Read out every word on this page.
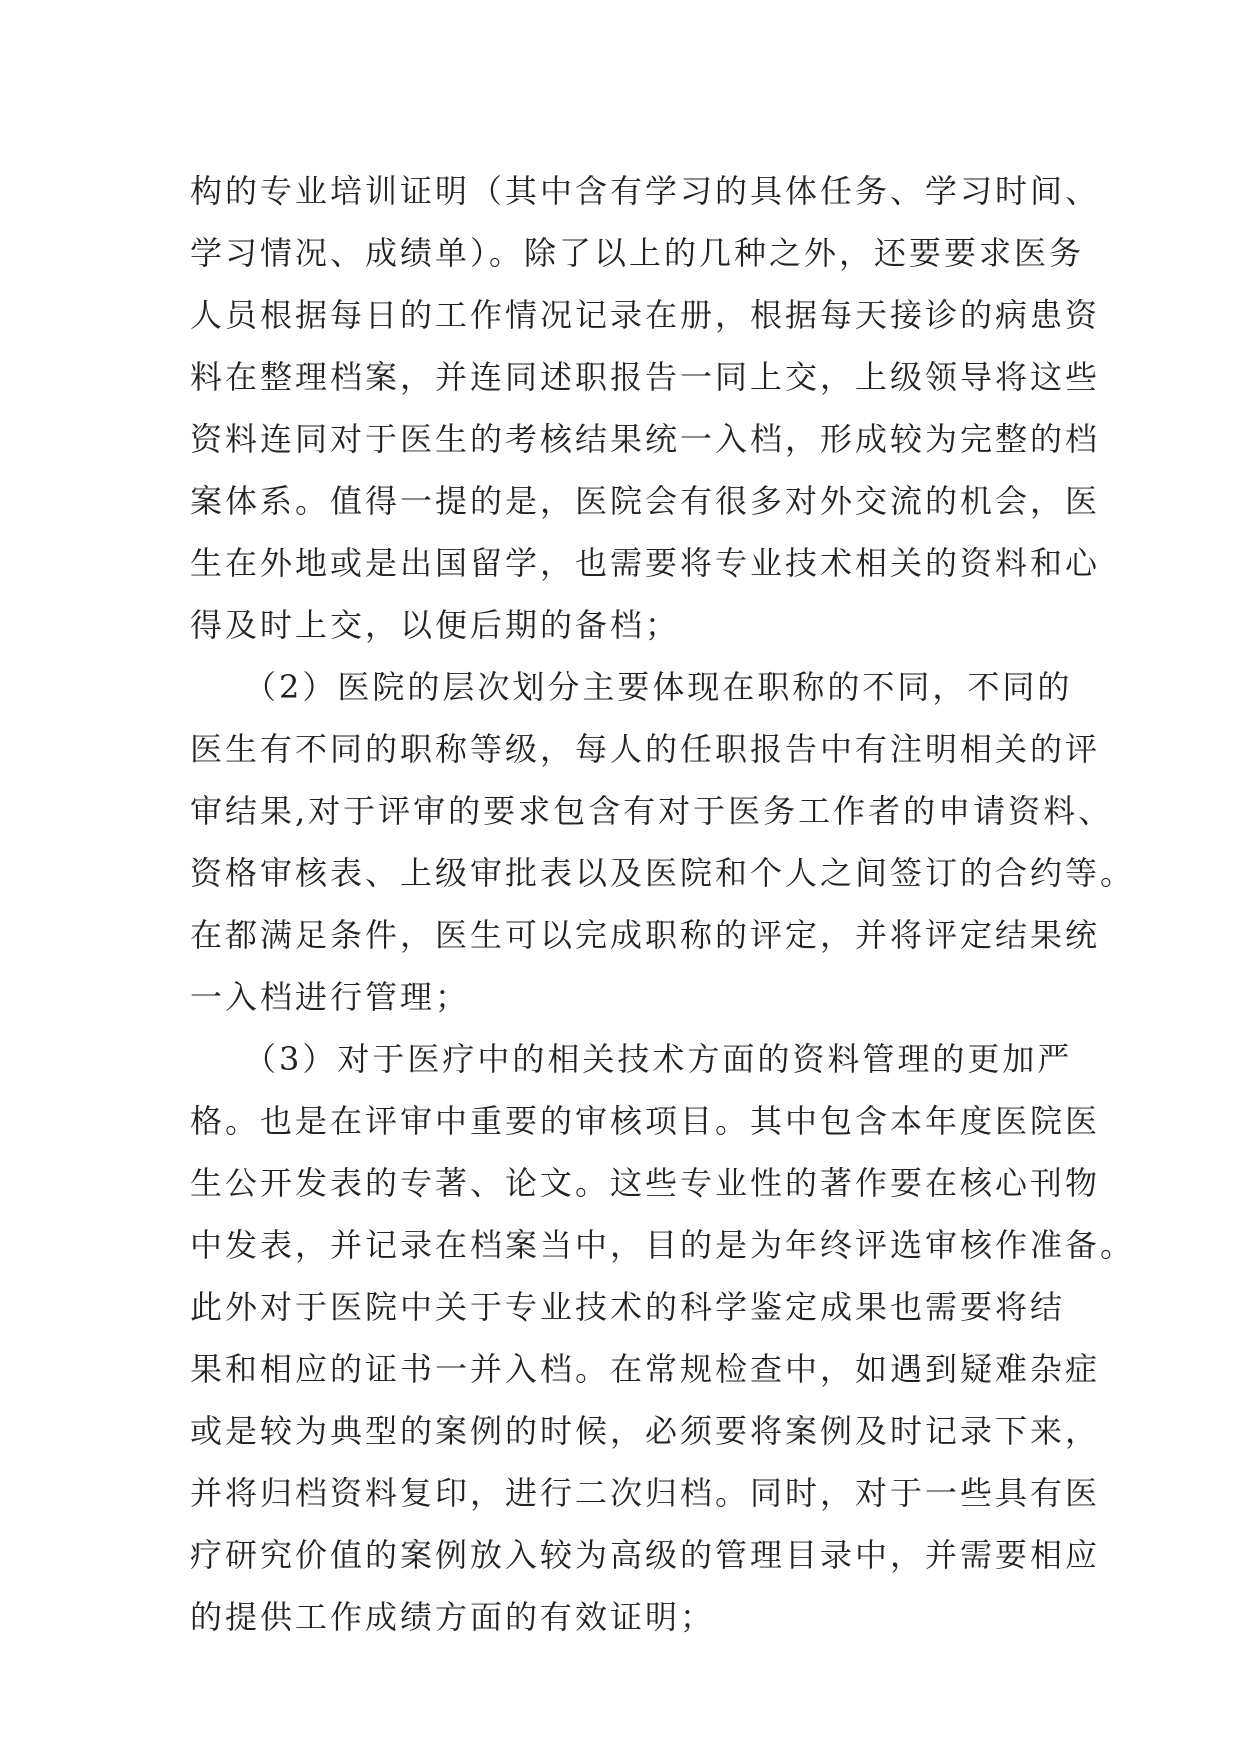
构的专业培训证明（其中含有学习的具体任务、学习时间、
学习情况、成绩单）。除了以上的几种之外，还要要求医务
人员根据每日的工作情况记录在册，根据每天接诊的病患资
料在整理档案，并连同述职报告一同上交，上级领导将这些
资料连同对于医生的考核结果统一入档，形成较为完整的档
案体系。值得一提的是，医院会有很多对外交流的机会，医
生在外地或是出国留学，也需要将专业技术相关的资料和心
得及时上交，以便后期的备档；
　　（2）医院的层次划分主要体现在职称的不同，不同的
医生有不同的职称等级，每人的任职报告中有注明相关的评
审结果,对于评审的要求包含有对于医务工作者的申请资料、
资格审核表、上级审批表以及医院和个人之间签订的合约等。
在都满足条件，医生可以完成职称的评定，并将评定结果统
一入档进行管理；
　　（3）对于医疗中的相关技术方面的资料管理的更加严
格。也是在评审中重要的审核项目。其中包含本年度医院医
生公开发表的专著、论文。这些专业性的著作要在核心刊物
中发表，并记录在档案当中，目的是为年终评选审核作准备。
此外对于医院中关于专业技术的科学鉴定成果也需要将结
果和相应的证书一并入档。在常规检查中，如遇到疑难杂症
或是较为典型的案例的时候，必须要将案例及时记录下来，
并将归档资料复印，进行二次归档。同时，对于一些具有医
疗研究价值的案例放入较为高级的管理目录中，并需要相应
的提供工作成绩方面的有效证明；
